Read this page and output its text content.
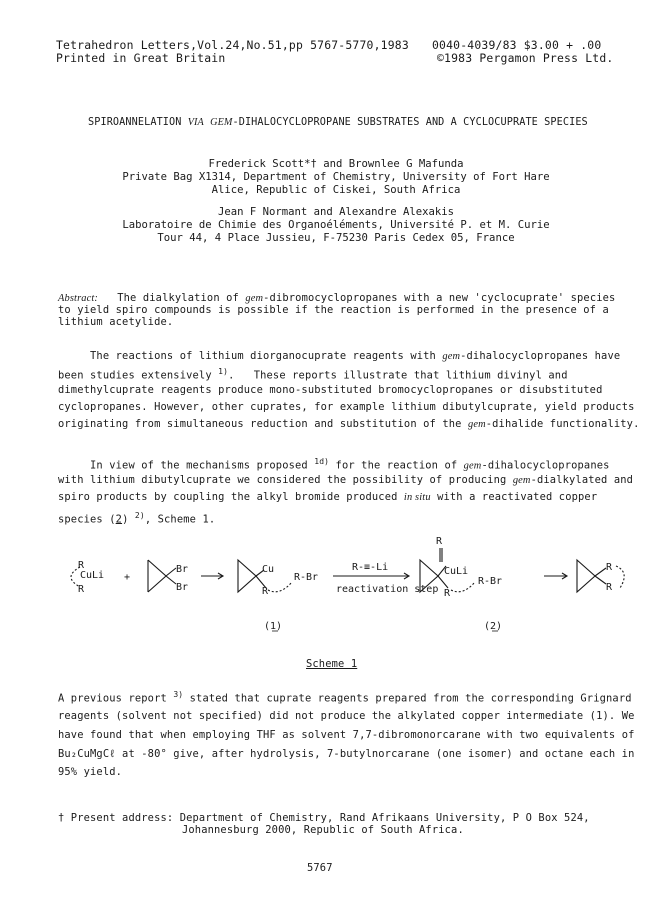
Tetrahedron Letters,Vol.24,No.51,pp 5767-5770,1983
Printed in Great Britain
0040-4039/83 $3.00 + .00
©1983 Pergamon Press Ltd.
SPIROANNELATION VIA GEM-DIHALOCYCLOPROPANE SUBSTRATES AND A CYCLOCUPRATE SPECIES
Frederick Scott*† and Brownlee G Mafunda
Private Bag X1314, Department of Chemistry, University of Fort Hare
Alice, Republic of Ciskei, South Africa
Jean F Normant and Alexandre Alexakis
Laboratoire de Chimie des Organoéléments, Université P. et M. Curie
Tour 44, 4 Place Jussieu, F-75230 Paris Cedex 05, France
Abstract:   The dialkylation of gem-dibromocyclopropanes with a new 'cyclocuprate' species
to yield spiro compounds is possible if the reaction is performed in the presence of a
lithium acetylide.
The reactions of lithium diorganocuprate reagents with gem-dihalocyclopropanes have
been studies extensively $^{1)}$.   These reports illustrate that lithium divinyl and
dimethylcuprate reagents produce mono-substituted bromocyclopropanes or disubstituted
cyclopropanes. However, other cuprates, for example lithium dibutylcuprate, yield products
originating from simultaneous reduction and substitution of the gem-dihalide functionality.
In view of the mechanisms proposed $^{1d)}$ for the reaction of gem-dihalocyclopropanes
with lithium dibutylcuprate we considered the possibility of producing gem-dialkylated and
spiro products by coupling the alkyl bromide produced in situ with a reactivated copper
species (2) $^{2)}$, Scheme 1.
R
CuLi
R
+
Br
Br
Cu
R
R-Br
R-≡-Li
reactivation step
R
CuLi
R
R-Br
R
R
(1)	(2)
Scheme 1
A previous report $^{3)}$ stated that cuprate reagents prepared from the corresponding Grignard
reagents (solvent not specified) did not produce the alkylated copper intermediate (1). We
have found that when employing THF as solvent 7,7-dibromonorcarane with two equivalents of
Bu₂CuMgCℓ at -80° give, after hydrolysis, 7-butylnorcarane (one isomer) and octane each in
95% yield.
† Present address: Department of Chemistry, Rand Afrikaans University, P O Box 524,
Johannesburg 2000, Republic of South Africa.
5767
